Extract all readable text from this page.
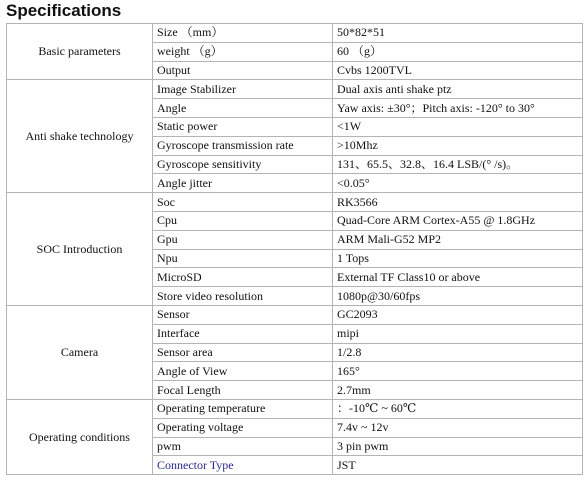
Specifications
Basic parameters	Size （mm）	50*82*51
	weight （g）	60 （g）
	Output	Cvbs 1200TVL
Anti shake technology	Image Stabilizer	Dual axis anti shake ptz
	Angle	Yaw axis: ±30°；Pitch axis: -120° to 30°
	Static power	<1W
	Gyroscope transmission rate	>10Mhz
	Gyroscope sensitivity	131、65.5、32.8、16.4 LSB/(° /s)。
	Angle jitter	<0.05°
SOC Introduction	Soc	RK3566
	Cpu	Quad-Core ARM Cortex-A55 @ 1.8GHz
	Gpu	ARM Mali-G52 MP2
	Npu	1 Tops
	MicroSD	External TF Class10 or above
	Store video resolution	1080p@30/60fps
Camera	Sensor	GC2093
	Interface	mipi
	Sensor area	1/2.8
	Angle of View	165°
	Focal Length	2.7mm
Operating conditions	Operating temperature	：-10℃ ~ 60℃
	Operating voltage	7.4v ~ 12v
	pwm	3 pin pwm
	Connector Type	JST
